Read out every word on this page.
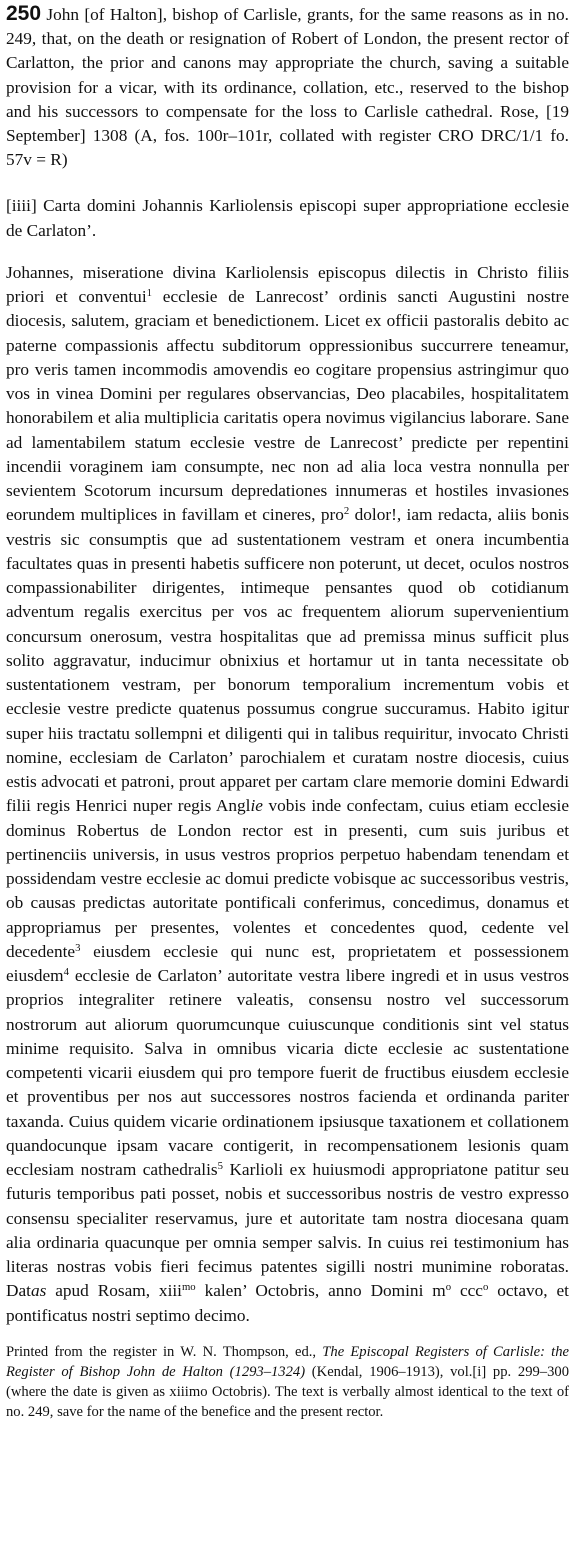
250 John [of Halton], bishop of Carlisle, grants, for the same reasons as in no. 249, that, on the death or resignation of Robert of London, the present rector of Carlatton, the prior and canons may appropriate the church, saving a suitable provision for a vicar, with its ordinance, collation, etc., reserved to the bishop and his successors to compensate for the loss to Carlisle cathedral. Rose, [19 September] 1308 (A, fos. 100r–101r, collated with register CRO DRC/1/1 fo. 57v = R)

[iiii] Carta domini Johannis Karliolensis episcopi super appropriatione ecclesie de Carlaton’.

Johannes, miseratione divina Karliolensis episcopus dilectis in Christo filiis priori et conventui$^1$ ecclesie de Lanrecost’ ordinis sancti Augustini nostre diocesis, salutem, graciam et benedictionem. Licet ex officii pastoralis debito ac paterne compassionis affectu subditorum oppressionibus succurrere teneamur, pro veris tamen incommodis amovendis eo cogitare propensius astringimur quo vos in vinea Domini per regulares observancias, Deo placabiles, hospitalitatem honorabilem et alia multiplicia caritatis opera novimus vigilancius laborare. Sane ad lamentabilem statum ecclesie vestre de Lanrecost’ predicte per repentini incendii voraginem iam consumpte, nec non ad alia loca vestra nonnulla per sevientem Scotorum incursum depredationes innumeras et hostiles invasiones eorundem multiplices in favillam et cineres, pro$^2$ dolor!, iam redacta, aliis bonis vestris sic consumptis que ad sustentationem vestram et onera incumbentia facultates quas in presenti habetis sufficere non poterunt, ut decet, oculos nostros compassionabiliter dirigentes, intimeque pensantes quod ob cotidianum adventum regalis exercitus per vos ac frequentem aliorum supervenientium concursum onerosum, vestra hospitalitas que ad premissa minus sufficit plus solito aggravatur, inducimur obnixius et hortamur ut in tanta necessitate ob sustentationem vestram, per bonorum temporalium incrementum vobis et ecclesie vestre predicte quatenus possumus congrue succuramus. Habito igitur super hiis tractatu sollempni et diligenti qui in talibus requiritur, invocato Christi nomine, ecclesiam de Carlaton’ parochialem et curatam nostre diocesis, cuius estis advocati et patroni, prout apparet per cartam clare memorie domini Edwardi filii regis Henrici nuper regis Anglie vobis inde confectam, cuius etiam ecclesie dominus Robertus de London rector est in presenti, cum suis juribus et pertinenciis universis, in usus vestros proprios perpetuo habendam tenendam et possidendam vestre ecclesie ac domui predicte vobisque ac successoribus vestris, ob causas predictas autoritate pontificali conferimus, concedimus, donamus et appropriamus per presentes, volentes et concedentes quod, cedente vel decedente$^3$ eiusdem ecclesie qui nunc est, proprietatem et possessionem eiusdem$^4$ ecclesie de Carlaton’ autoritate vestra libere ingredi et in usus vestros proprios integraliter retinere valeatis, consensu nostro vel successorum nostrorum aut aliorum quorumcunque cuiuscunque conditionis sint vel status minime requisito. Salva in omnibus vicaria dicte ecclesie ac sustentatione competenti vicarii eiusdem qui pro tempore fuerit de fructibus eiusdem ecclesie et proventibus per nos aut successores nostros facienda et ordinanda pariter taxanda. Cuius quidem vicarie ordinationem ipsiusque taxationem et collationem quandocunque ipsam vacare contigerit, in recompensationem lesionis quam ecclesiam nostram cathedralis$^5$ Karlioli ex huiusmodi appropriatone patitur seu futuris temporibus pati posset, nobis et successoribus nostris de vestro expresso consensu specialiter reservamus, jure et autoritate tam nostra diocesana quam alia ordinaria quacunque per omnia semper salvis. In cuius rei testimonium has literas nostras vobis fieri fecimus patentes sigilli nostri munimine roboratas. Datas apud Rosam, xiii$^{mo}$ kalen’ Octobris, anno Domini $m^o$ ccc$^o$ octavo, et pontificatus nostri septimo decimo.

Printed from the register in W. N. Thompson, ed., The Episcopal Registers of Carlisle: the Register of Bishop John de Halton (1293–1324) (Kendal, 1906–1913), vol.[i] pp. 299–300 (where the date is given as xiiimo Octobris). The text is verbally almost identical to the text of no. 249, save for the name of the benefice and the present rector.
